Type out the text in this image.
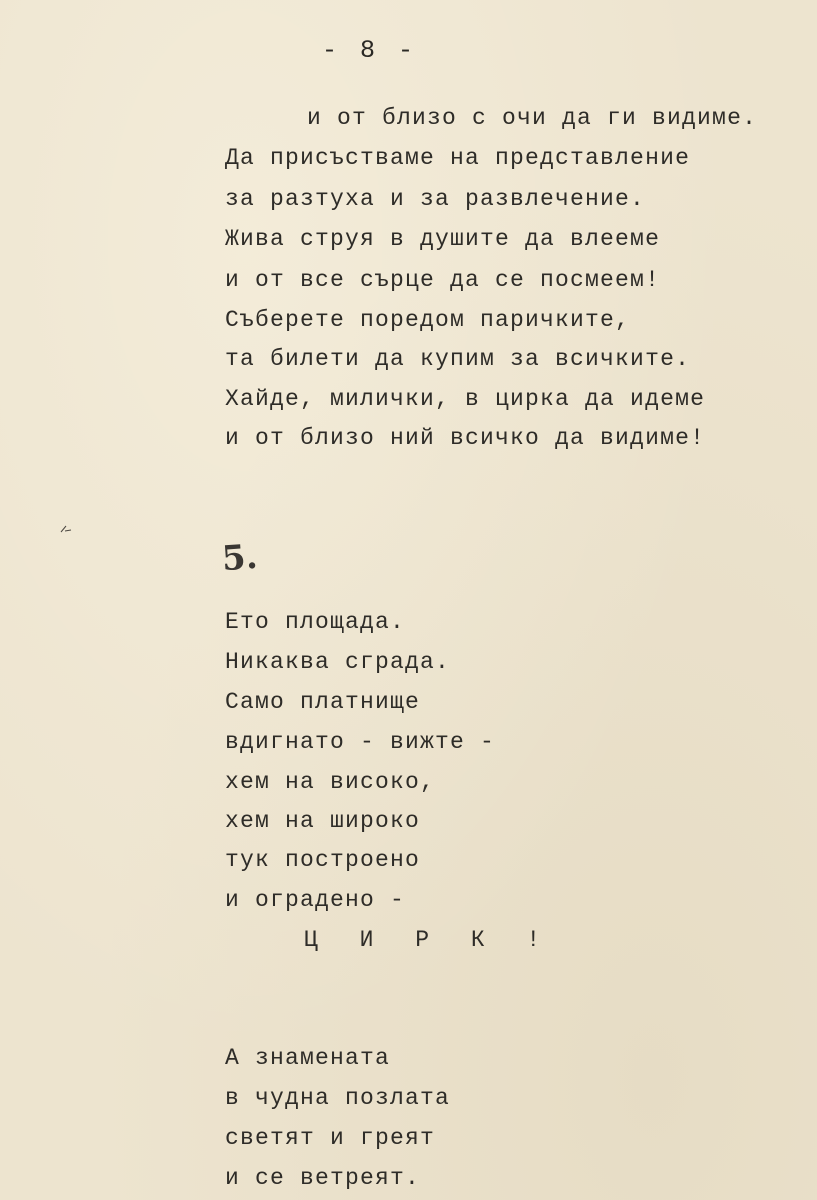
- 8 -
и от близо с очи да ги видиме.
Да присъстваме на представление
за разтуха и за развлечение.
Жива струя в душите да влееме
и от все сърце да се посмеем!
Съберете поредом паричките,
та билети да купим за всичките.
Хайде, милички, в цирка да идеме
и от близо ний всичко да видиме!
5.
Ето площада.
Никаква сграда.
Само платнище
вдигнато - вижте -
хем на високо,
хем на широко
тук построено
и оградено -
Ц И Р К !
А знамената
в чудна позлата
светят и греят
и се ветреят.
